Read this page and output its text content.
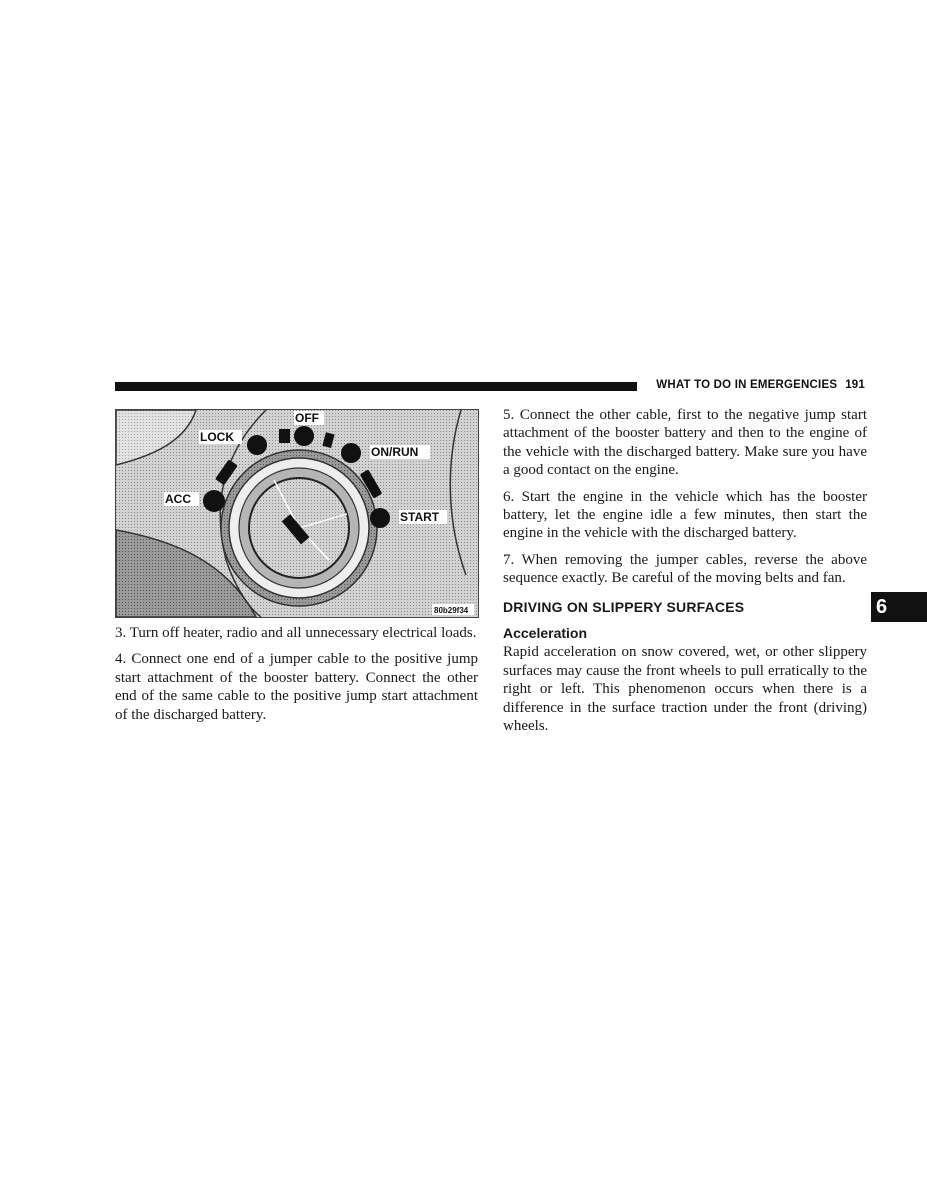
WHAT TO DO IN EMERGENCIES 191
OFF
LOCK
ON/RUN
ACC
START
80b29f34

3. Turn off heater, radio and all unnecessary electrical loads.

4. Connect one end of a jumper cable to the positive jump start attachment of the booster battery. Connect the other end of the same cable to the positive jump start attachment of the discharged battery.

5. Connect the other cable, first to the negative jump start attachment of the booster battery and then to the engine of the vehicle with the discharged battery. Make sure you have a good contact on the engine.

6. Start the engine in the vehicle which has the booster battery, let the engine idle a few minutes, then start the engine in the vehicle with the discharged battery.

7. When removing the jumper cables, reverse the above sequence exactly. Be careful of the moving belts and fan.

DRIVING ON SLIPPERY SURFACES
Acceleration

Rapid acceleration on snow covered, wet, or other slippery surfaces may cause the front wheels to pull erratically to the right or left. This phenomenon occurs when there is a difference in the surface traction under the front (driving) wheels.

6
